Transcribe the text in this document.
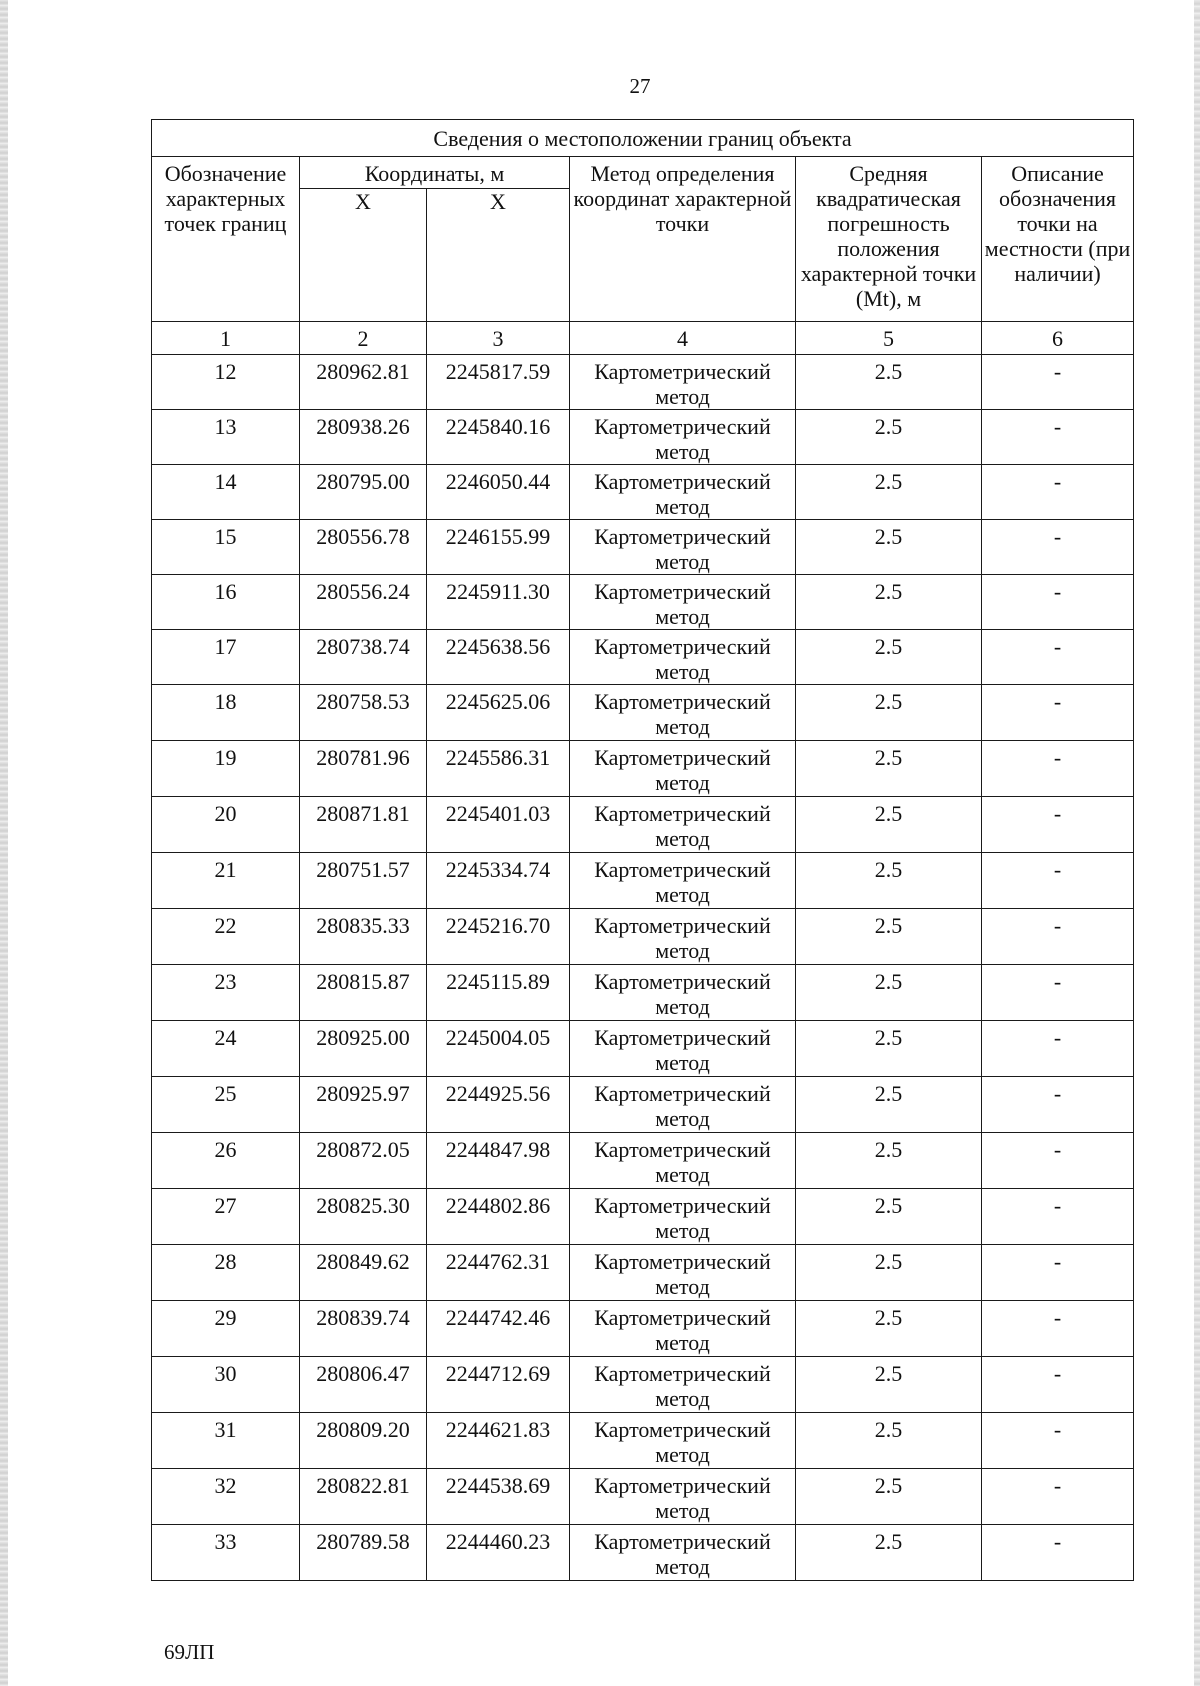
27
Сведения о местоположении границ объекта					
Обозначение характерных точек границ	Координаты, м		Метод определения координат характерной точки	Средняя квадратическая погрешность положения характерной точки (Mt), м	Описание обозначения точки на местности (при наличии)
	X	X			
1	2	3	4	5	6
12	280962.81	2245817.59	Картометрический метод	2.5	-
13	280938.26	2245840.16	Картометрический метод	2.5	-
14	280795.00	2246050.44	Картометрический метод	2.5	-
15	280556.78	2246155.99	Картометрический метод	2.5	-
16	280556.24	2245911.30	Картометрический метод	2.5	-
17	280738.74	2245638.56	Картометрический метод	2.5	-
18	280758.53	2245625.06	Картометрический метод	2.5	-
19	280781.96	2245586.31	Картометрический метод	2.5	-
20	280871.81	2245401.03	Картометрический метод	2.5	-
21	280751.57	2245334.74	Картометрический метод	2.5	-
22	280835.33	2245216.70	Картометрический метод	2.5	-
23	280815.87	2245115.89	Картометрический метод	2.5	-
24	280925.00	2245004.05	Картометрический метод	2.5	-
25	280925.97	2244925.56	Картометрический метод	2.5	-
26	280872.05	2244847.98	Картометрический метод	2.5	-
27	280825.30	2244802.86	Картометрический метод	2.5	-
28	280849.62	2244762.31	Картометрический метод	2.5	-
29	280839.74	2244742.46	Картометрический метод	2.5	-
30	280806.47	2244712.69	Картометрический метод	2.5	-
31	280809.20	2244621.83	Картометрический метод	2.5	-
32	280822.81	2244538.69	Картометрический метод	2.5	-
33	280789.58	2244460.23	Картометрический метод	2.5	-
69ЛП
